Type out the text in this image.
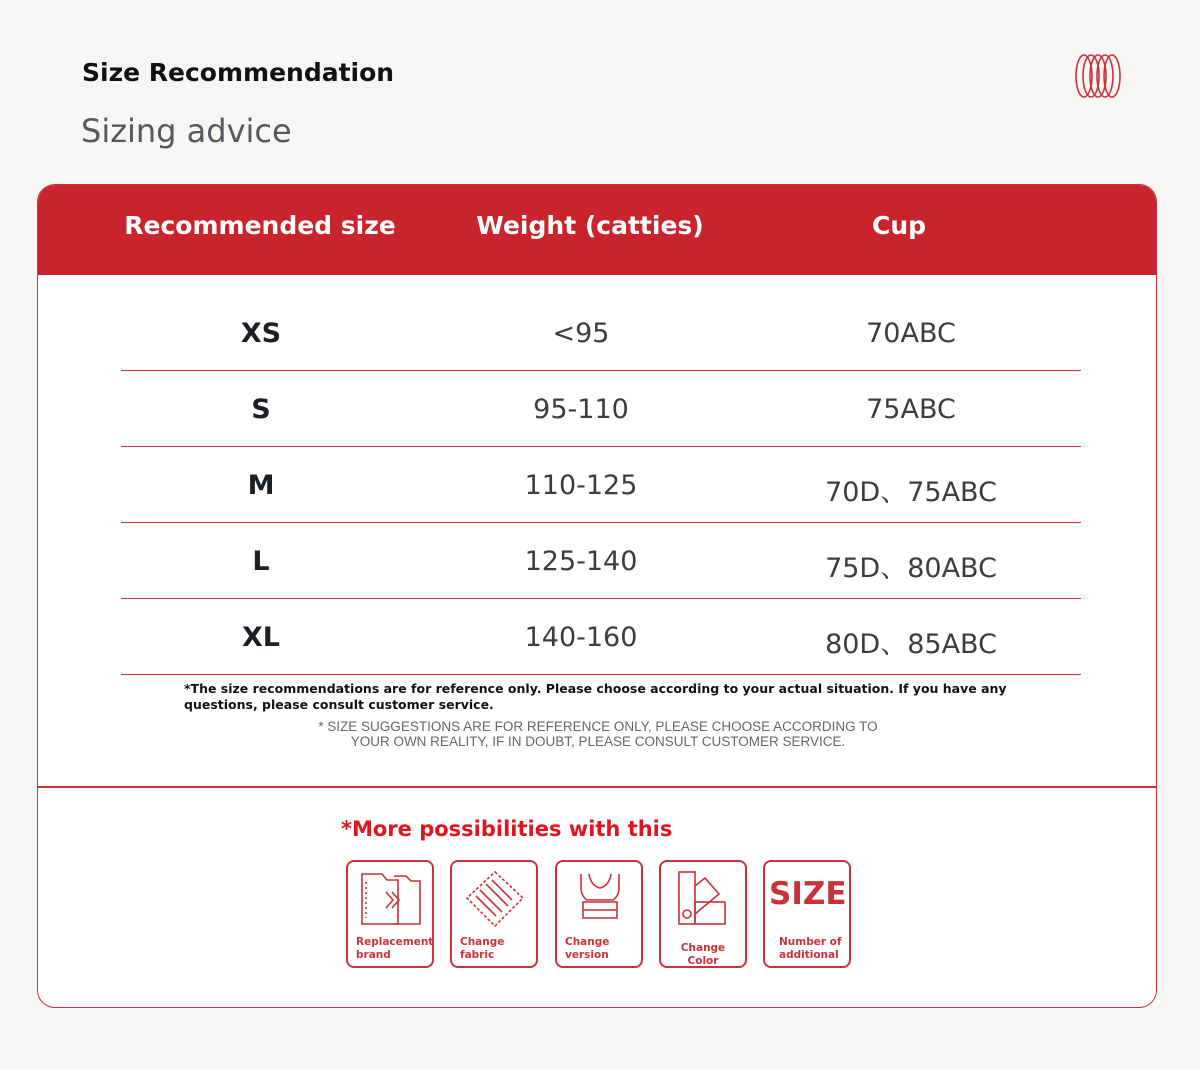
Size Recommendation
Sizing advice
Recommended size	Weight (catties)	Cup
XS	<95	70ABC
S	95-110	75ABC
M	110-125	70D、75ABC
L	125-140	75D、80ABC
XL	140-160	80D、85ABC
*The size recommendations are for reference only. Please choose according to your actual situation. If you have any questions, please consult customer service.
* SIZE SUGGESTIONS ARE FOR REFERENCE ONLY, PLEASE CHOOSE ACCORDING TO
YOUR OWN REALITY, IF IN DOUBT, PLEASE CONSULT CUSTOMER SERVICE.
*More possibilities with this
Replacement
brand
Change
fabric
Change
version
Change Color
SIZE
Number of
additional
